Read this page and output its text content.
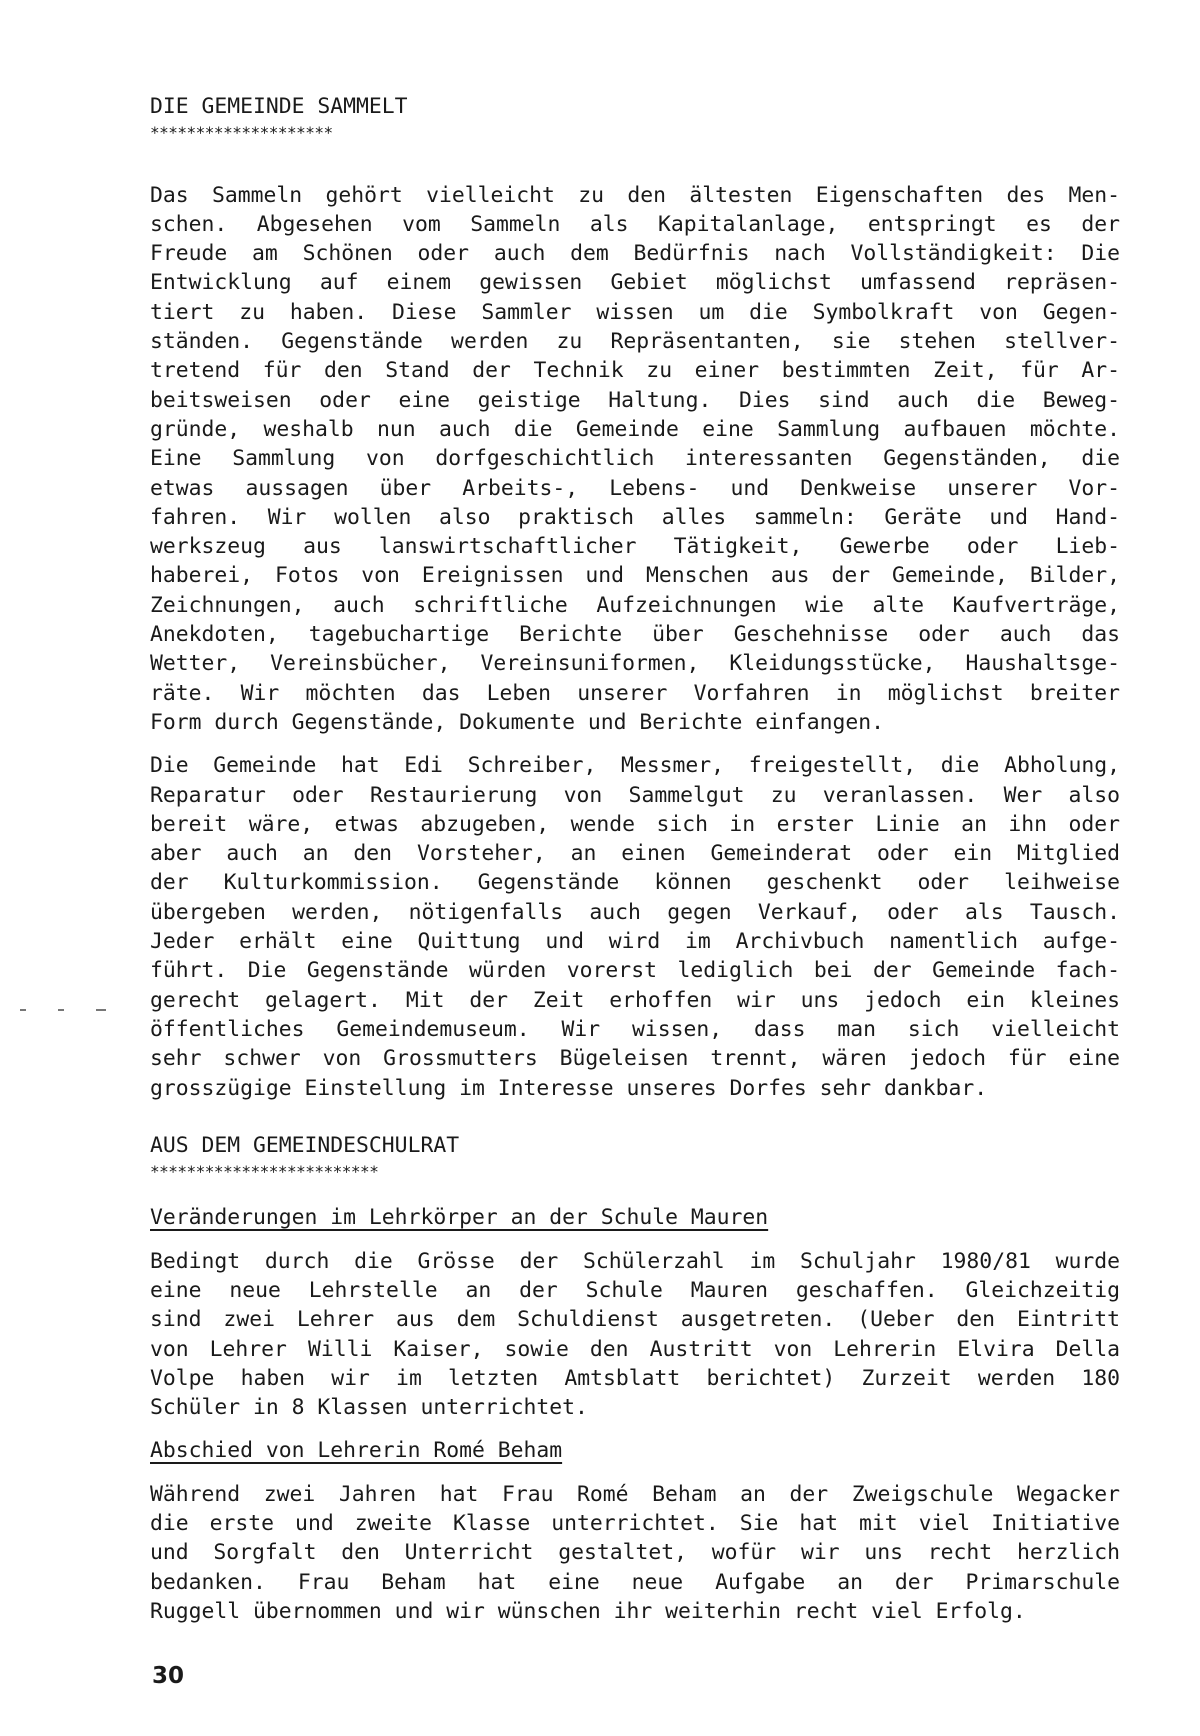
DIE GEMEINDE SAMMELT
********************
Das Sammeln gehört vielleicht zu den ältesten Eigenschaften des Men-
schen. Abgesehen vom Sammeln als Kapitalanlage, entspringt es der
Freude am Schönen oder auch dem Bedürfnis nach Vollständigkeit: Die
Entwicklung auf einem gewissen Gebiet möglichst umfassend repräsen-
tiert zu haben. Diese Sammler wissen um die Symbolkraft von Gegen-
ständen. Gegenstände werden zu Repräsentanten, sie stehen stellver-
tretend für den Stand der Technik zu einer bestimmten Zeit, für Ar-
beitsweisen oder eine geistige Haltung. Dies sind auch die Beweg-
gründe, weshalb nun auch die Gemeinde eine Sammlung aufbauen möchte.
Eine Sammlung von dorfgeschichtlich interessanten Gegenständen, die
etwas aussagen über Arbeits-, Lebens- und Denkweise unserer Vor-
fahren. Wir wollen also praktisch alles sammeln: Geräte und Hand-
werkszeug aus lanswirtschaftlicher Tätigkeit, Gewerbe oder Lieb-
haberei, Fotos von Ereignissen und Menschen aus der Gemeinde, Bilder,
Zeichnungen, auch schriftliche Aufzeichnungen wie alte Kaufverträge,
Anekdoten, tagebuchartige Berichte über Geschehnisse oder auch das
Wetter, Vereinsbücher, Vereinsuniformen, Kleidungsstücke, Haushaltsge-
räte. Wir möchten das Leben unserer Vorfahren in möglichst breiter
Form durch Gegenstände, Dokumente und Berichte einfangen.
Die Gemeinde hat Edi Schreiber, Messmer, freigestellt, die Abholung,
Reparatur oder Restaurierung von Sammelgut zu veranlassen. Wer also
bereit wäre, etwas abzugeben, wende sich in erster Linie an ihn oder
aber auch an den Vorsteher, an einen Gemeinderat oder ein Mitglied
der Kulturkommission. Gegenstände können geschenkt oder leihweise
übergeben werden, nötigenfalls auch gegen Verkauf, oder als Tausch.
Jeder erhält eine Quittung und wird im Archivbuch namentlich aufge-
führt. Die Gegenstände würden vorerst lediglich bei der Gemeinde fach-
gerecht gelagert. Mit der Zeit erhoffen wir uns jedoch ein kleines
öffentliches Gemeindemuseum. Wir wissen, dass man sich vielleicht
sehr schwer von Grossmutters Bügeleisen trennt, wären jedoch für eine
grosszügige Einstellung im Interesse unseres Dorfes sehr dankbar.
AUS DEM GEMEINDESCHULRAT
*************************
Veränderungen im Lehrkörper an der Schule Mauren
Bedingt durch die Grösse der Schülerzahl im Schuljahr 1980/81 wurde
eine neue Lehrstelle an der Schule Mauren geschaffen. Gleichzeitig
sind zwei Lehrer aus dem Schuldienst ausgetreten. (Ueber den Eintritt
von Lehrer Willi Kaiser, sowie den Austritt von Lehrerin Elvira Della
Volpe haben wir im letzten Amtsblatt berichtet) Zurzeit werden 180
Schüler in 8 Klassen unterrichtet.
Abschied von Lehrerin Romé Beham
Während zwei Jahren hat Frau Romé Beham an der Zweigschule Wegacker
die erste und zweite Klasse unterrichtet. Sie hat mit viel Initiative
und Sorgfalt den Unterricht gestaltet, wofür wir uns recht herzlich
bedanken. Frau Beham hat eine neue Aufgabe an der Primarschule
Ruggell übernommen und wir wünschen ihr weiterhin recht viel Erfolg.
30
